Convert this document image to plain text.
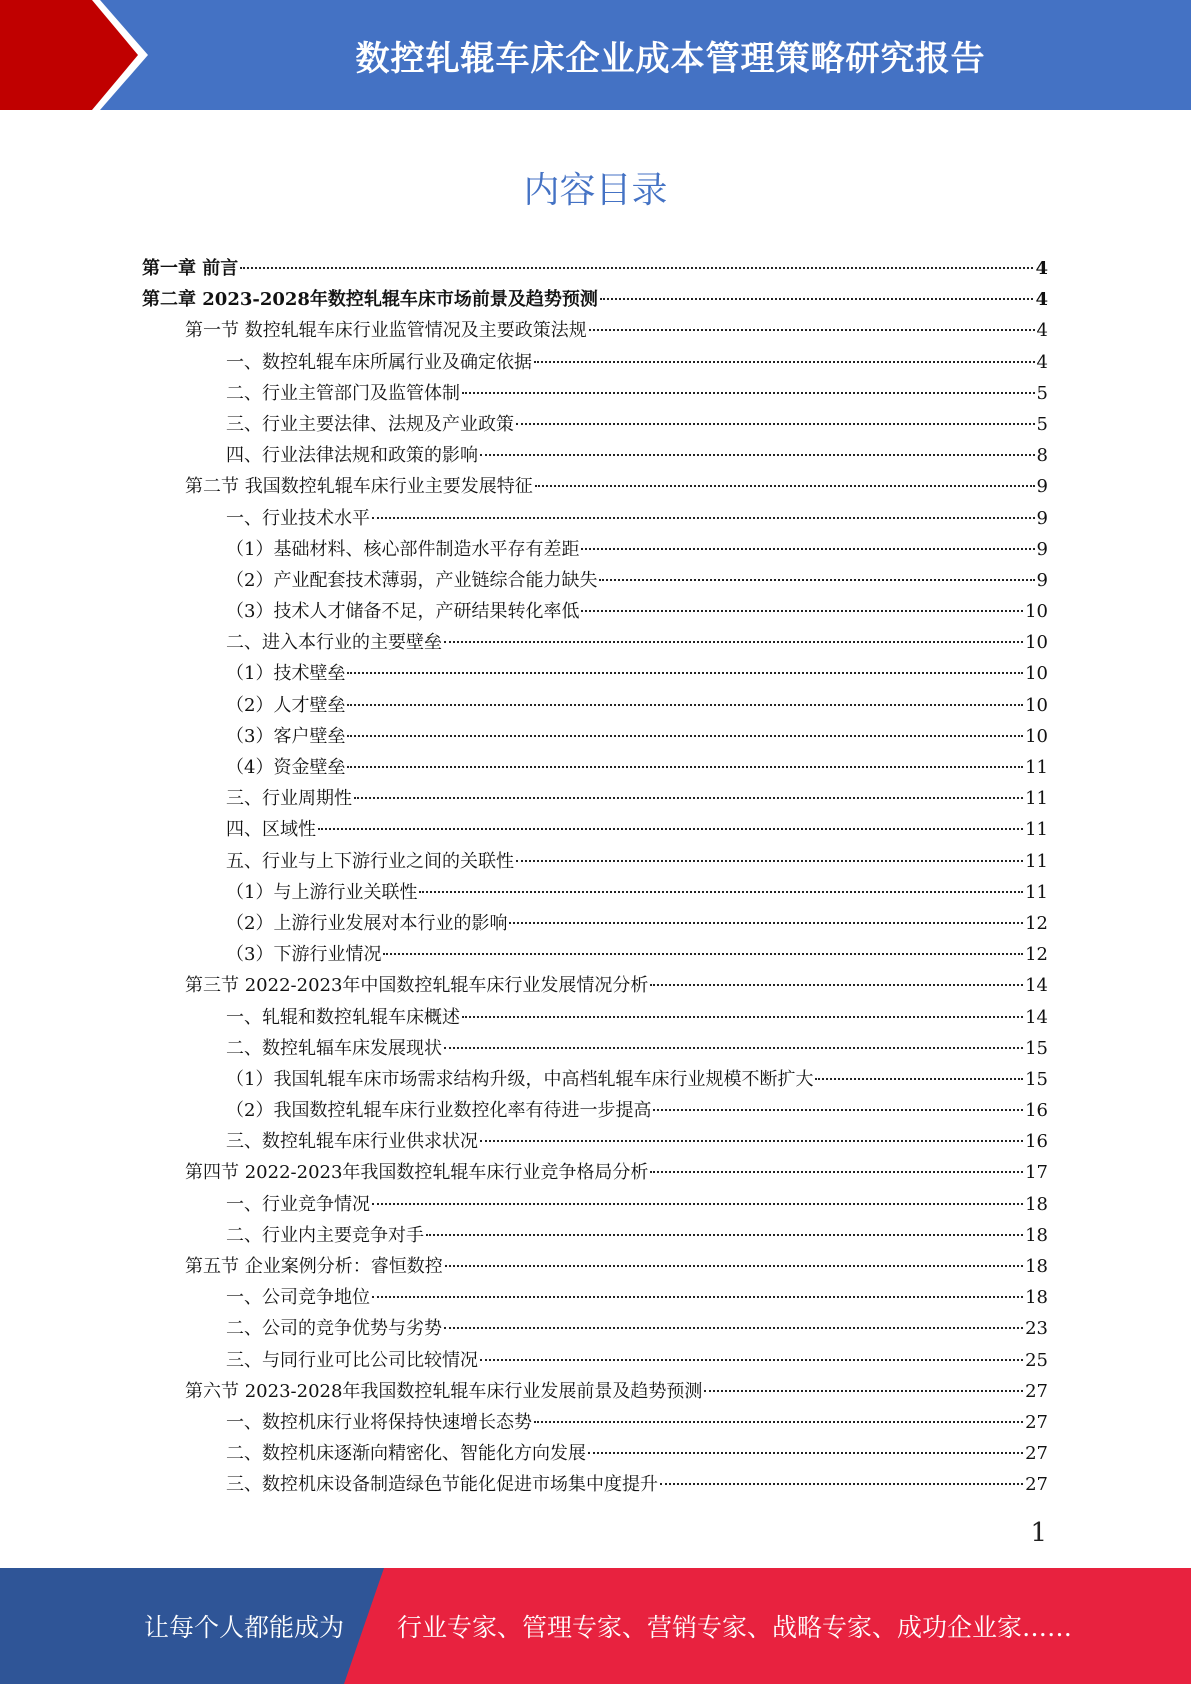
数控轧辊车床企业成本管理策略研究报告
内容目录
第一章 前言	4
第二章 2023-2028年数控轧辊车床市场前景及趋势预测	4
第一节 数控轧辊车床行业监管情况及主要政策法规	4
一、数控轧辊车床所属行业及确定依据	4
二、行业主管部门及监管体制	5
三、行业主要法律、法规及产业政策	5
四、行业法律法规和政策的影响	8
第二节 我国数控轧辊车床行业主要发展特征	9
一、行业技术水平	9
（1）基础材料、核心部件制造水平存有差距	9
（2）产业配套技术薄弱，产业链综合能力缺失	9
（3）技术人才储备不足，产研结果转化率低	10
二、进入本行业的主要壁垒	10
（1）技术壁垒	10
（2）人才壁垒	10
（3）客户壁垒	10
（4）资金壁垒	11
三、行业周期性	11
四、区域性	11
五、行业与上下游行业之间的关联性	11
（1）与上游行业关联性	11
（2）上游行业发展对本行业的影响	12
（3）下游行业情况	12
第三节 2022-2023年中国数控轧辊车床行业发展情况分析	14
一、轧辊和数控轧辊车床概述	14
二、数控轧辐车床发展现状	15
（1）我国轧辊车床市场需求结构升级，中高档轧辊车床行业规模不断扩大	15
（2）我国数控轧辊车床行业数控化率有待进一步提高	16
三、数控轧辊车床行业供求状况	16
第四节 2022-2023年我国数控轧辊车床行业竞争格局分析	17
一、行业竞争情况	18
二、行业内主要竞争对手	18
第五节 企业案例分析：睿恒数控	18
一、公司竞争地位	18
二、公司的竞争优势与劣势	23
三、与同行业可比公司比较情况	25
第六节 2023-2028年我国数控轧辊车床行业发展前景及趋势预测	27
一、数控机床行业将保持快速增长态势	27
二、数控机床逐渐向精密化、智能化方向发展	27
三、数控机床设备制造绿色节能化促进市场集中度提升	27
1
让每个人都能成为 行业专家、管理专家、营销专家、战略专家、成功企业家……
